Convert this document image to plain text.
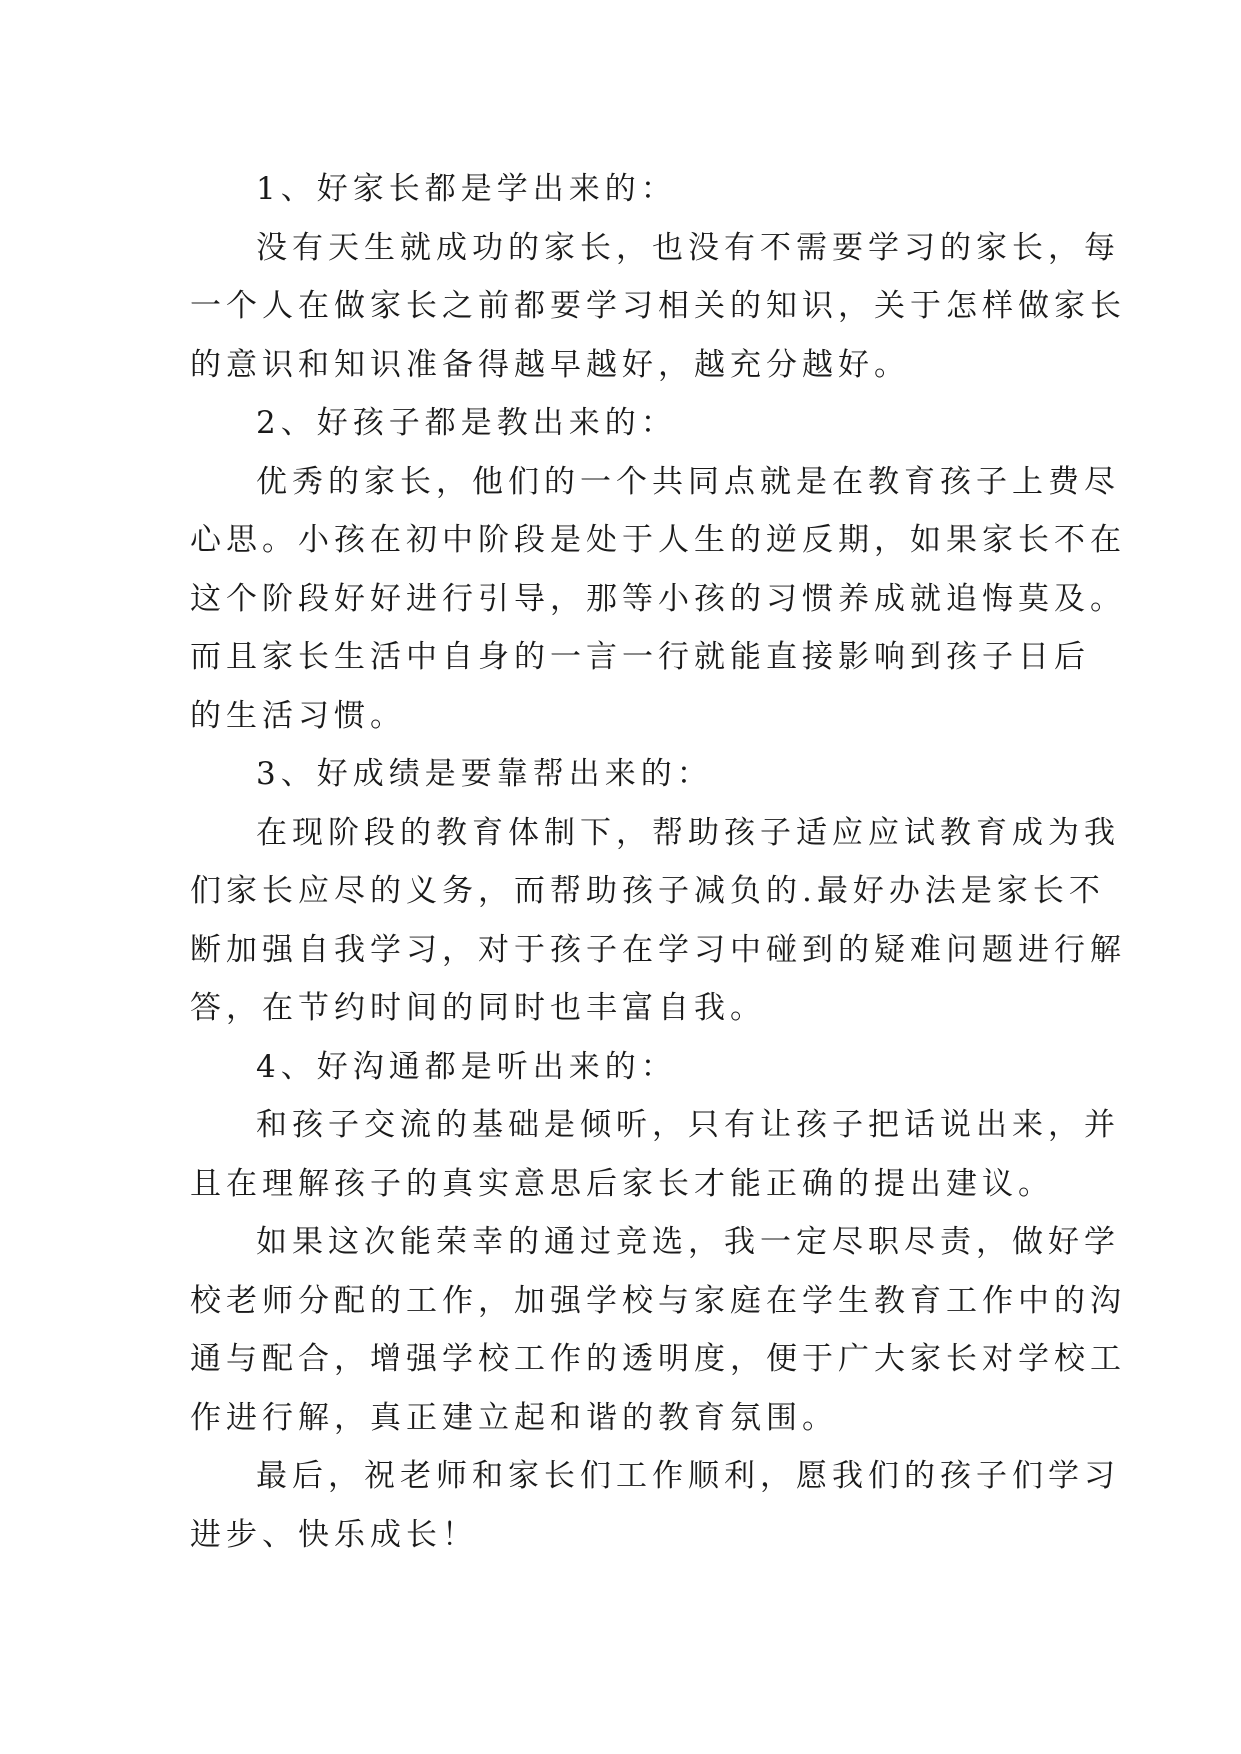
1、好家长都是学出来的：
没有天生就成功的家长，也没有不需要学习的家长，每
一个人在做家长之前都要学习相关的知识，关于怎样做家长
的意识和知识准备得越早越好，越充分越好。
2、好孩子都是教出来的：
优秀的家长，他们的一个共同点就是在教育孩子上费尽
心思。小孩在初中阶段是处于人生的逆反期，如果家长不在
这个阶段好好进行引导，那等小孩的习惯养成就追悔莫及。
而且家长生活中自身的一言一行就能直接影响到孩子日后
的生活习惯。
3、好成绩是要靠帮出来的：
在现阶段的教育体制下，帮助孩子适应应试教育成为我
们家长应尽的义务，而帮助孩子减负的.最好办法是家长不
断加强自我学习，对于孩子在学习中碰到的疑难问题进行解
答，在节约时间的同时也丰富自我。
4、好沟通都是听出来的：
和孩子交流的基础是倾听，只有让孩子把话说出来，并
且在理解孩子的真实意思后家长才能正确的提出建议。
如果这次能荣幸的通过竞选，我一定尽职尽责，做好学
校老师分配的工作，加强学校与家庭在学生教育工作中的沟
通与配合，增强学校工作的透明度，便于广大家长对学校工
作进行解，真正建立起和谐的教育氛围。
最后，祝老师和家长们工作顺利，愿我们的孩子们学习
进步、快乐成长！
